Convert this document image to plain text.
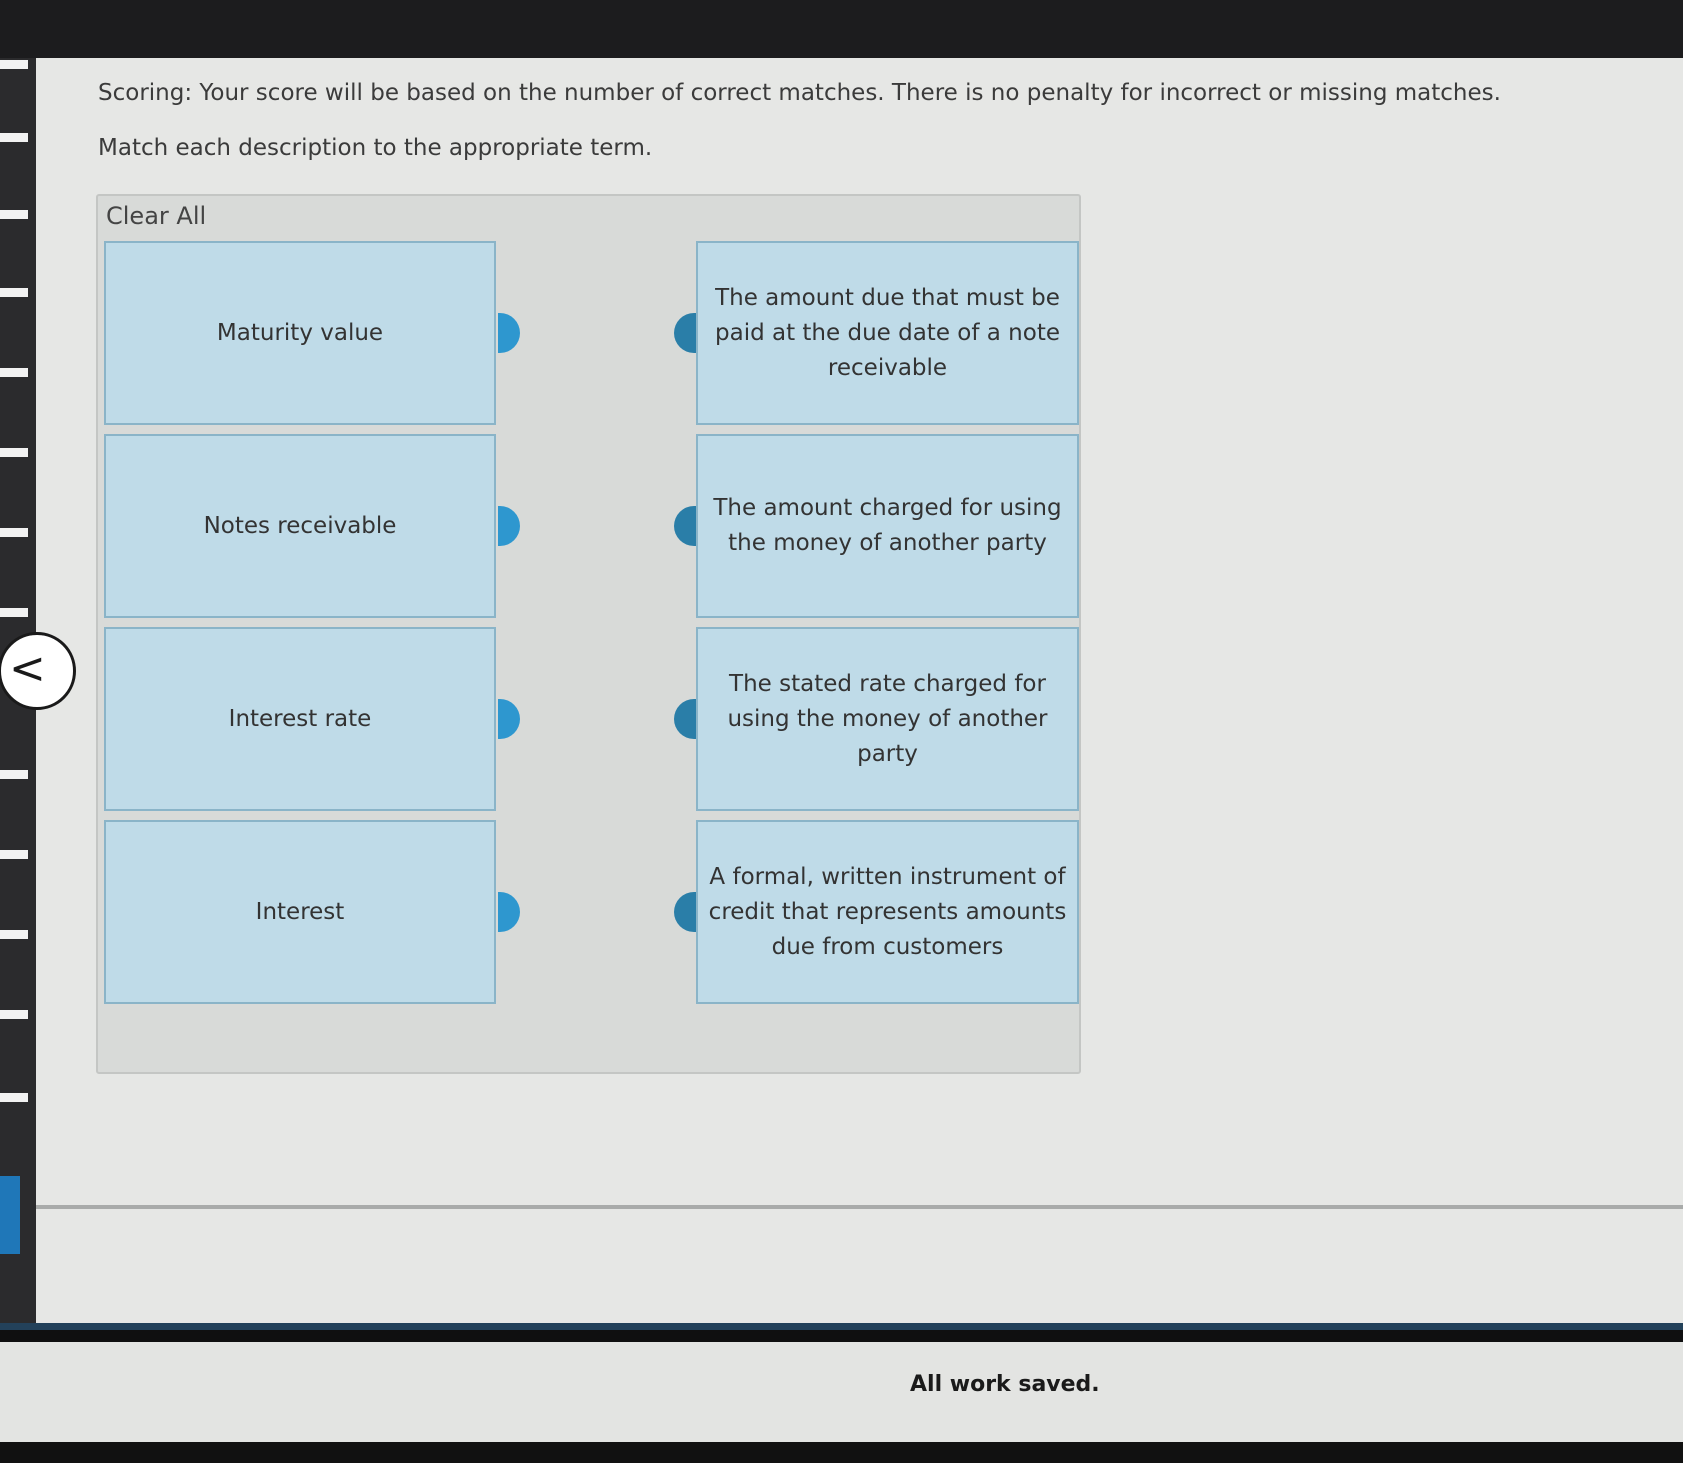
<
Scoring: Your score will be based on the number of correct matches. There is no penalty for incorrect or missing matches.
Match each description to the appropriate term.
Clear All
Maturity value
Notes receivable
Interest rate
Interest
The amount due that must be paid at the due date of a note receivable
The amount charged for using the money of another party
The stated rate charged for using the money of another party
A formal, written instrument of credit that represents amounts due from customers
All work saved.
